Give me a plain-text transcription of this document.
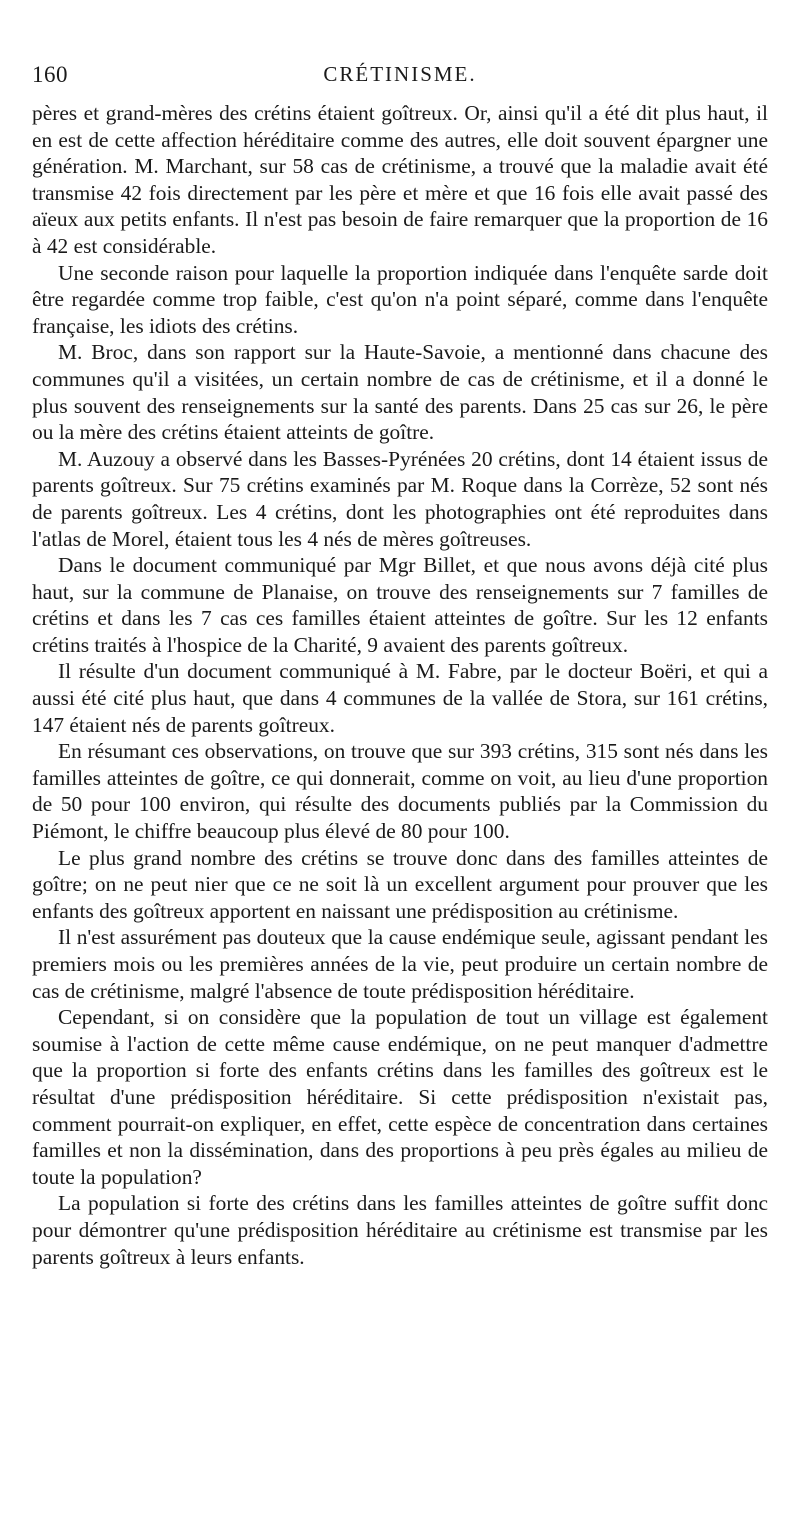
160	CRÉTINISME.

pères et grand-mères des crétins étaient goîtreux. Or, ainsi qu'il a été dit plus haut, il en est de cette affection héréditaire comme des autres, elle doit souvent épargner une génération. M. Marchant, sur 58 cas de crétinisme, a trouvé que la maladie avait été transmise 42 fois directement par les père et mère et que 16 fois elle avait passé des aïeux aux petits enfants. Il n'est pas besoin de faire remarquer que la proportion de 16 à 42 est considérable.

Une seconde raison pour laquelle la proportion indiquée dans l'enquête sarde doit être regardée comme trop faible, c'est qu'on n'a point séparé, comme dans l'enquête française, les idiots des crétins.

M. Broc, dans son rapport sur la Haute-Savoie, a mentionné dans chacune des communes qu'il a visitées, un certain nombre de cas de crétinisme, et il a donné le plus souvent des renseignements sur la santé des parents. Dans 25 cas sur 26, le père ou la mère des crétins étaient atteints de goître.

M. Auzouy a observé dans les Basses-Pyrénées 20 crétins, dont 14 étaient issus de parents goîtreux. Sur 75 crétins examinés par M. Roque dans la Corrèze, 52 sont nés de parents goîtreux. Les 4 crétins, dont les photographies ont été reproduites dans l'atlas de Morel, étaient tous les 4 nés de mères goîtreuses.

Dans le document communiqué par Mgr Billet, et que nous avons déjà cité plus haut, sur la commune de Planaise, on trouve des renseignements sur 7 familles de crétins et dans les 7 cas ces familles étaient atteintes de goître. Sur les 12 enfants crétins traités à l'hospice de la Charité, 9 avaient des parents goîtreux.

Il résulte d'un document communiqué à M. Fabre, par le docteur Boëri, et qui a aussi été cité plus haut, que dans 4 communes de la vallée de Stora, sur 161 crétins, 147 étaient nés de parents goîtreux.

En résumant ces observations, on trouve que sur 393 crétins, 315 sont nés dans les familles atteintes de goître, ce qui donnerait, comme on voit, au lieu d'une proportion de 50 pour 100 environ, qui résulte des documents publiés par la Commission du Piémont, le chiffre beaucoup plus élevé de 80 pour 100.

Le plus grand nombre des crétins se trouve donc dans des familles atteintes de goître; on ne peut nier que ce ne soit là un excellent argument pour prouver que les enfants des goîtreux apportent en naissant une prédisposition au crétinisme.

Il n'est assurément pas douteux que la cause endémique seule, agissant pendant les premiers mois ou les premières années de la vie, peut produire un certain nombre de cas de crétinisme, malgré l'absence de toute prédisposition héréditaire.

Cependant, si on considère que la population de tout un village est également soumise à l'action de cette même cause endémique, on ne peut manquer d'admettre que la proportion si forte des enfants crétins dans les familles des goîtreux est le résultat d'une prédisposition héréditaire. Si cette prédisposition n'existait pas, comment pourrait-on expliquer, en effet, cette espèce de concentration dans certaines familles et non la dissémination, dans des proportions à peu près égales au milieu de toute la population?

La population si forte des crétins dans les familles atteintes de goître suffit donc pour démontrer qu'une prédisposition héréditaire au crétinisme est transmise par les parents goîtreux à leurs enfants.
